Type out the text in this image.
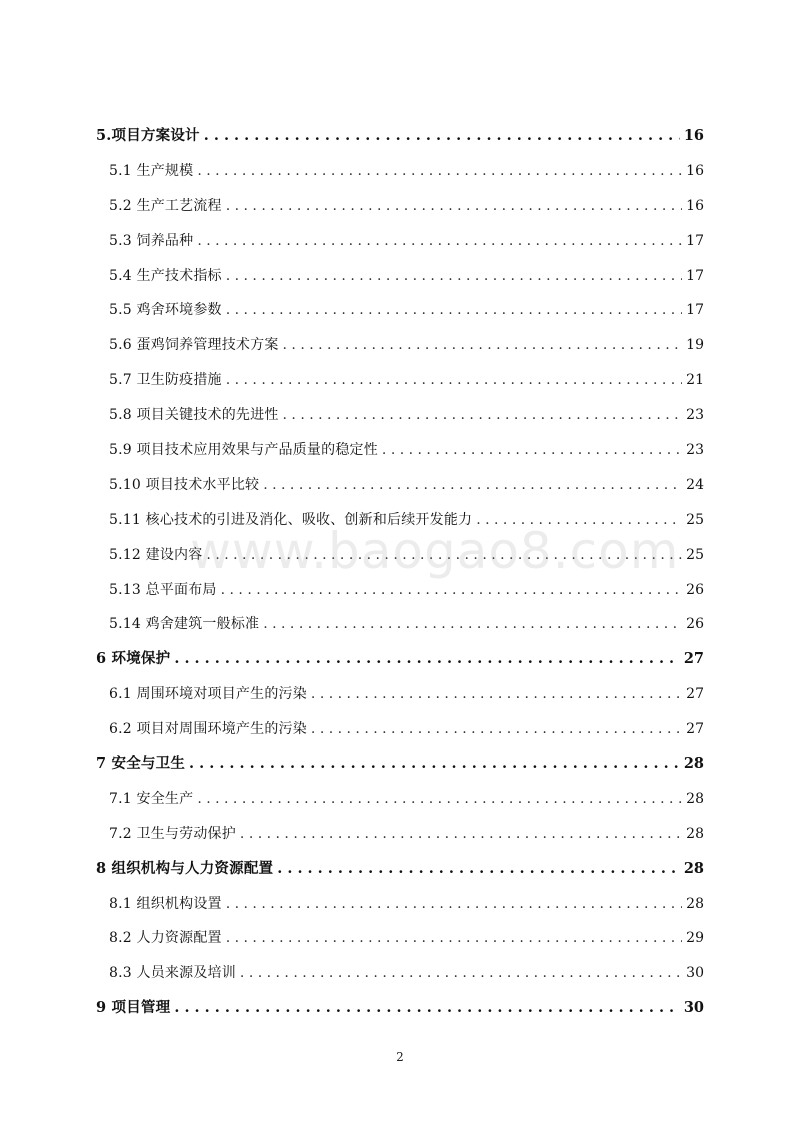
5.项目方案设计 . . .	16
5.1 生产规模 . . .	16
5.2 生产工艺流程 . . .	16
5.3 饲养品种 . . .	17
5.4 生产技术指标 . . .	17
5.5 鸡舍环境参数 . . .	17
5.6 蛋鸡饲养管理技术方案 . . .	19
5.7 卫生防疫措施 . . .	21
5.8 项目关键技术的先进性 . . .	23
5.9 项目技术应用效果与产品质量的稳定性 . . .	23
5.10 项目技术水平比较 . . .	24
5.11 核心技术的引进及消化、吸收、创新和后续开发能力 . . .	25
5.12 建设内容 . . .	25
5.13 总平面布局 . . .	26
5.14 鸡舍建筑一般标准 . . .	26
6 环境保护 . . .	27
6.1 周围环境对项目产生的污染 . . .	27
6.2 项目对周围环境产生的污染 . . .	27
7 安全与卫生 . . .	28
7.1 安全生产 . . .	28
7.2 卫生与劳动保护 . . .	28
8 组织机构与人力资源配置 . . .	28
8.1 组织机构设置 . . .	28
8.2 人力资源配置 . . .	29
8.3 人员来源及培训 . . .	30
9 项目管理 . . .	30
www.baogao8.com
2
